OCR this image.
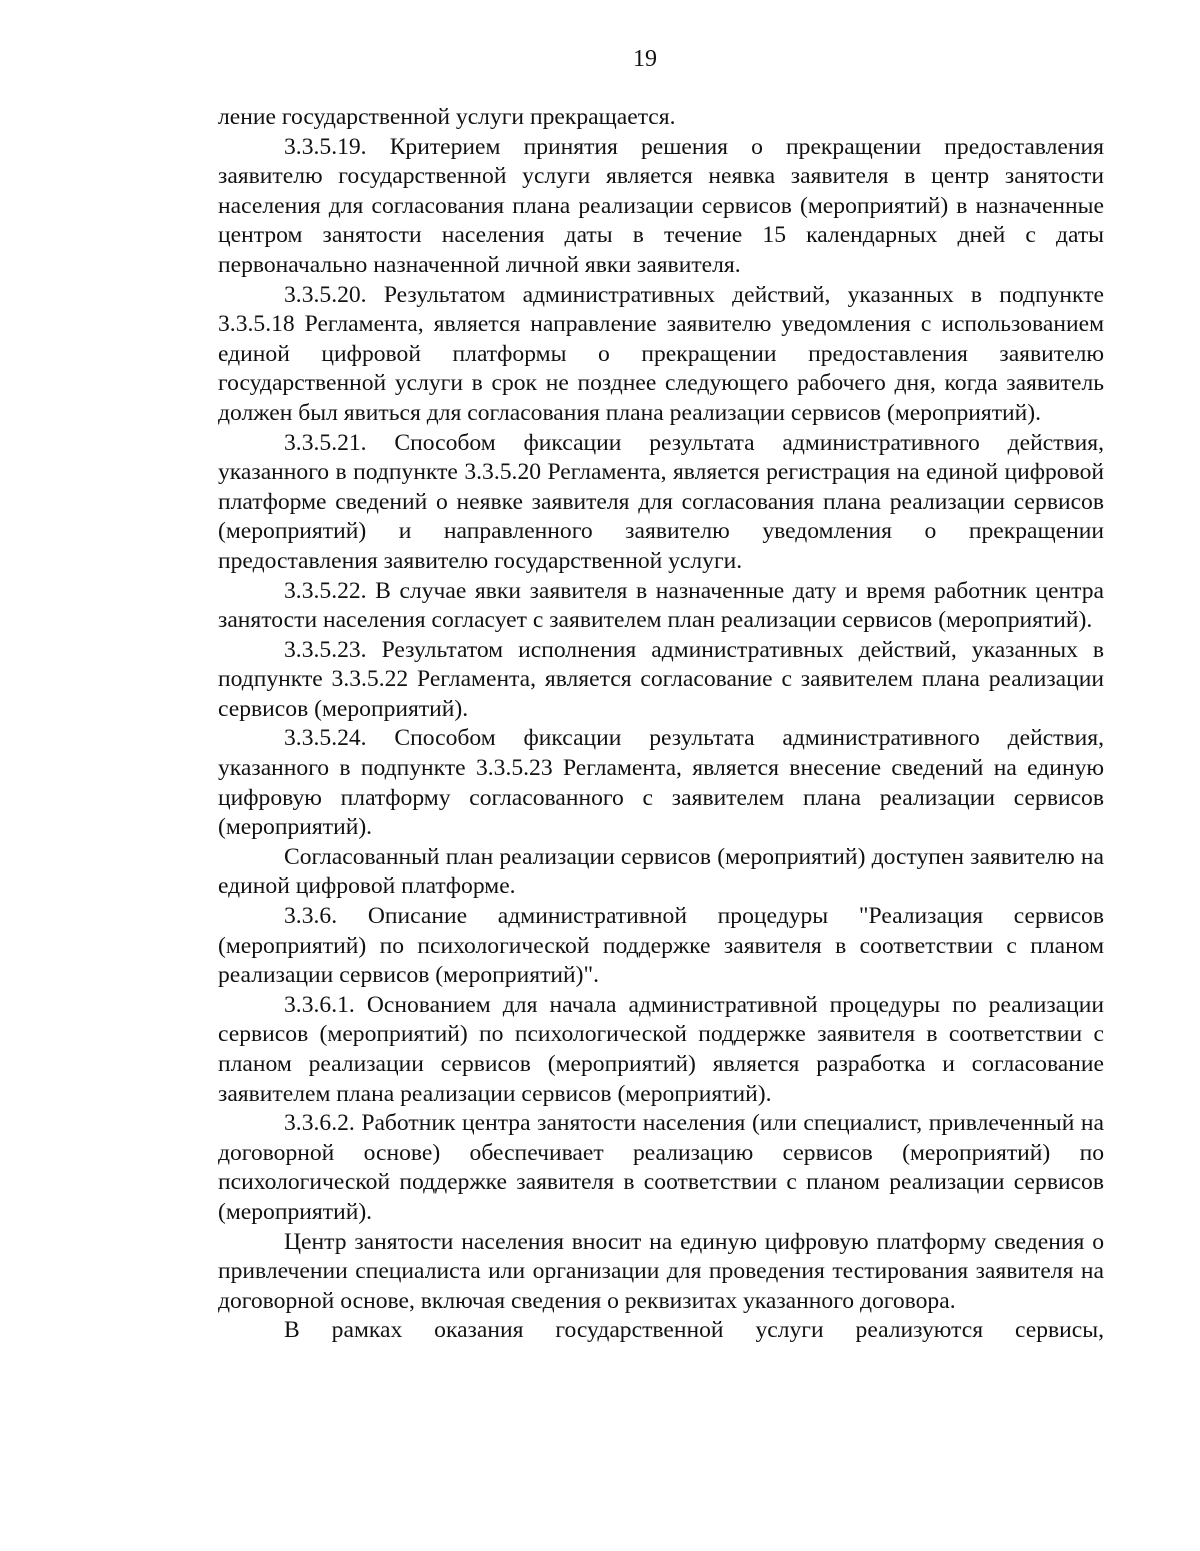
19

ление государственной услуги прекращается.

3.3.5.19. Критерием принятия решения о прекращении предоставления заявителю государственной услуги является неявка заявителя в центр занятости населения для согласования плана реализации сервисов (мероприятий) в назначенные центром занятости населения даты в течение 15 календарных дней с даты первоначально назначенной личной явки заявителя.

3.3.5.20. Результатом административных действий, указанных в подпункте 3.3.5.18 Регламента, является направление заявителю уведомления с использованием единой цифровой платформы о прекращении предоставления заявителю государственной услуги в срок не позднее следующего рабочего дня, когда заявитель должен был явиться для согласования плана реализации сервисов (мероприятий).

3.3.5.21. Способом фиксации результата административного действия, указанного в подпункте 3.3.5.20 Регламента, является регистрация на единой цифровой платформе сведений о неявке заявителя для согласования плана реализации сервисов (мероприятий) и направленного заявителю уведомления о прекращении предоставления заявителю государственной услуги.

3.3.5.22. В случае явки заявителя в назначенные дату и время работник центра занятости населения согласует с заявителем план реализации сервисов (мероприятий).

3.3.5.23. Результатом исполнения административных действий, указанных в подпункте 3.3.5.22 Регламента, является согласование с заявителем плана реализации сервисов (мероприятий).

3.3.5.24. Способом фиксации результата административного действия, указанного в подпункте 3.3.5.23 Регламента, является внесение сведений на единую цифровую платформу согласованного с заявителем плана реализации сервисов (мероприятий).

Согласованный план реализации сервисов (мероприятий) доступен заявителю на единой цифровой платформе.

3.3.6. Описание административной процедуры "Реализация сервисов (мероприятий) по психологической поддержке заявителя в соответствии с планом реализации сервисов (мероприятий)".

3.3.6.1. Основанием для начала административной процедуры по реализации сервисов (мероприятий) по психологической поддержке заявителя в соответствии с планом реализации сервисов (мероприятий) является разработка и согласование заявителем плана реализации сервисов (мероприятий).

3.3.6.2. Работник центра занятости населения (или специалист, привлеченный на договорной основе) обеспечивает реализацию сервисов (мероприятий) по психологической поддержке заявителя в соответствии с планом реализации сервисов (мероприятий).

Центр занятости населения вносит на единую цифровую платформу сведения о привлечении специалиста или организации для проведения тестирования заявителя на договорной основе, включая сведения о реквизитах указанного договора.

В рамках оказания государственной услуги реализуются сервисы,
